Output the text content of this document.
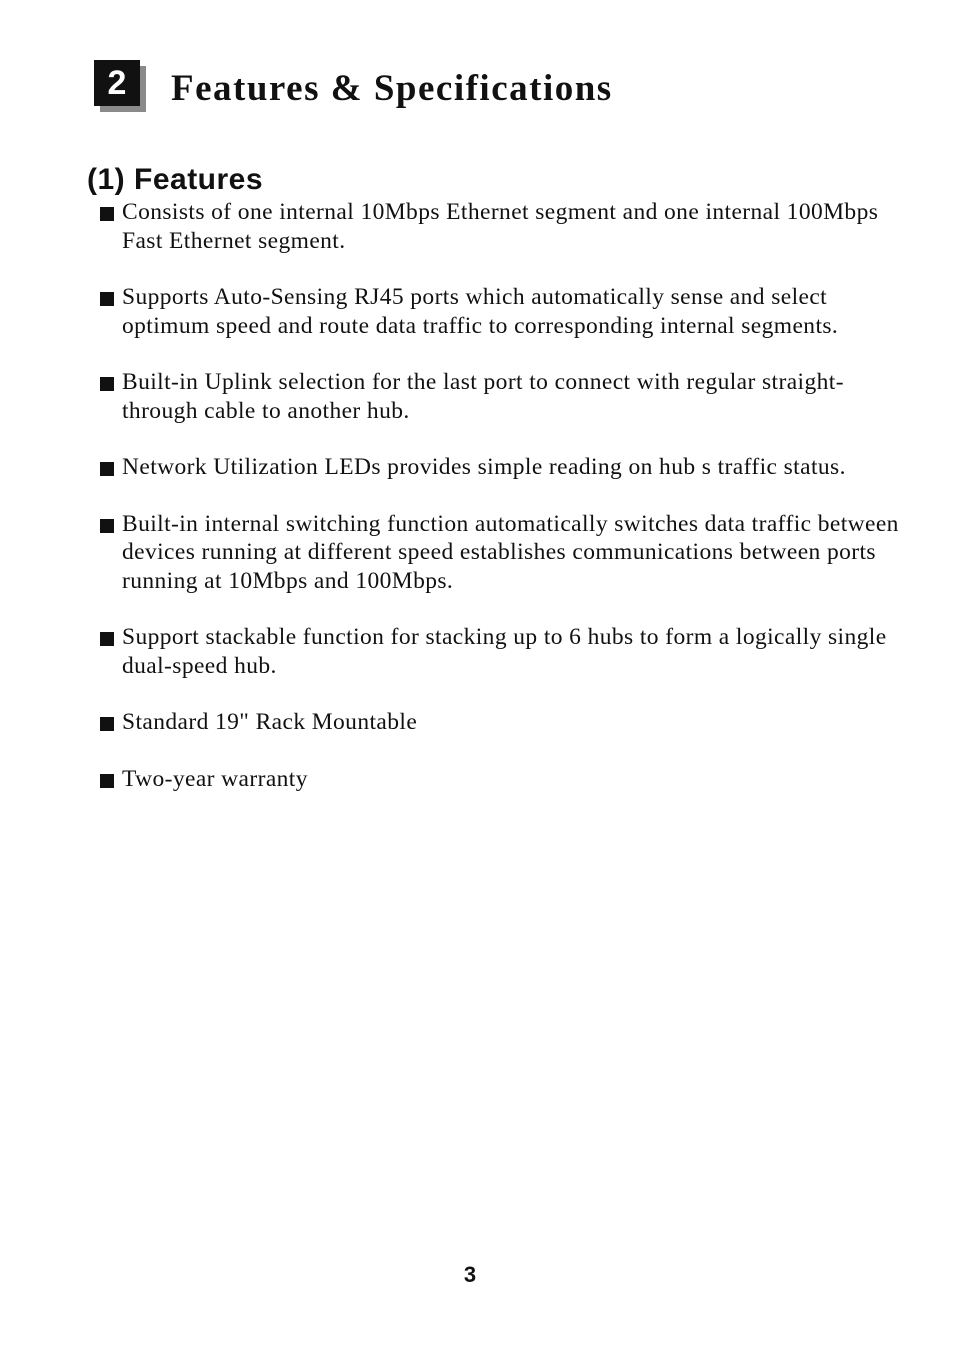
2	Features & Specifications
(1) Features
Consists of one internal 10Mbps Ethernet segment and one internal 100Mbps Fast Ethernet segment.
Supports Auto-Sensing RJ45 ports which automatically sense and select optimum speed and route data traffic to corresponding internal segments.
Built-in Uplink selection for the last port to connect with regular straight-through cable to another hub.
Network Utilization LEDs provides simple reading on hub s traffic status.
Built-in internal switching function automatically switches data traffic between devices running at different speed establishes communications between ports running at 10Mbps and 100Mbps.
Support stackable function for stacking up to 6 hubs to form a logically single dual-speed hub.
Standard 19" Rack Mountable
Two-year warranty
3
